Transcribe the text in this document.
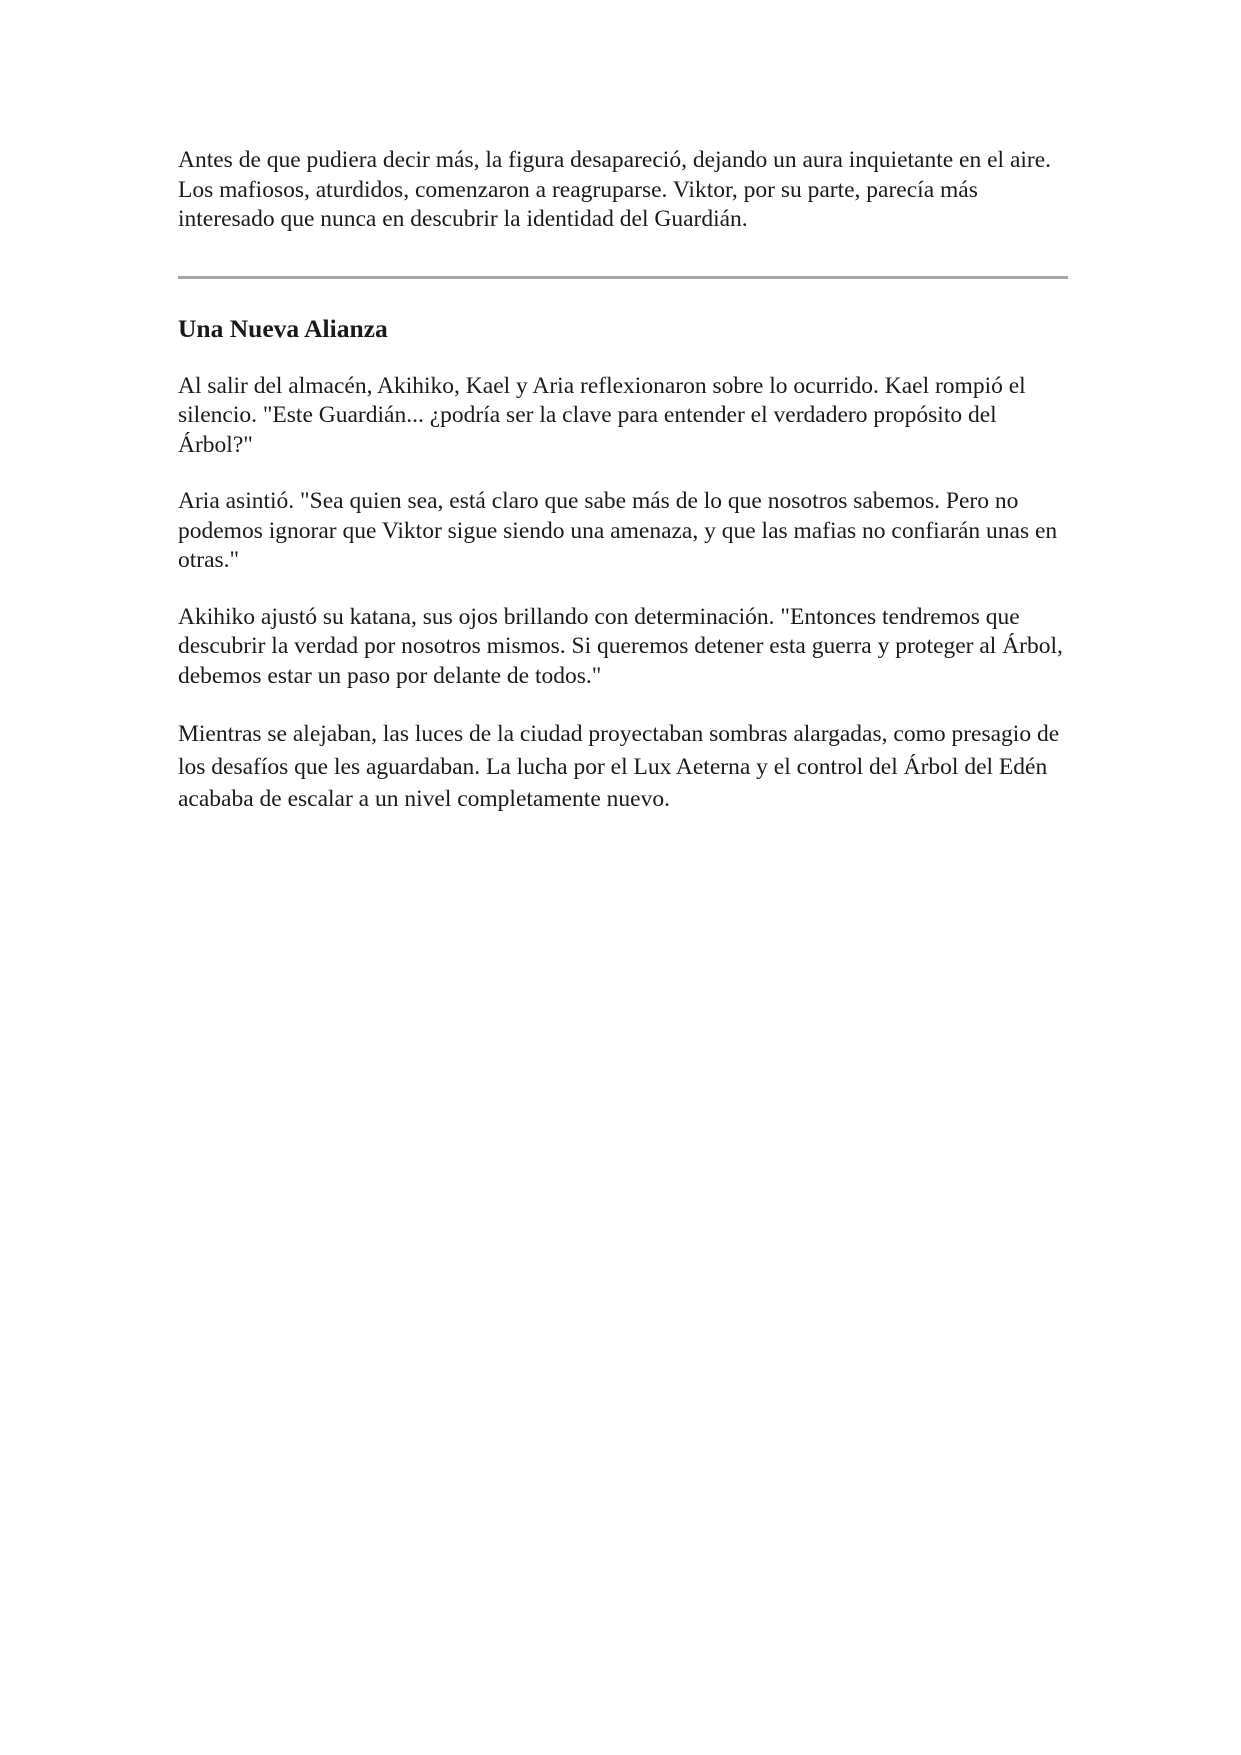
Antes de que pudiera decir más, la figura desapareció, dejando un aura inquietante en el aire. Los mafiosos, aturdidos, comenzaron a reagruparse. Viktor, por su parte, parecía más interesado que nunca en descubrir la identidad del Guardián.

Una Nueva Alianza

Al salir del almacén, Akihiko, Kael y Aria reflexionaron sobre lo ocurrido. Kael rompió el silencio. "Este Guardián... ¿podría ser la clave para entender el verdadero propósito del Árbol?"

Aria asintió. "Sea quien sea, está claro que sabe más de lo que nosotros sabemos. Pero no podemos ignorar que Viktor sigue siendo una amenaza, y que las mafias no confiarán unas en otras."

Akihiko ajustó su katana, sus ojos brillando con determinación. "Entonces tendremos que descubrir la verdad por nosotros mismos. Si queremos detener esta guerra y proteger al Árbol, debemos estar un paso por delante de todos."

Mientras se alejaban, las luces de la ciudad proyectaban sombras alargadas, como presagio de los desafíos que les aguardaban. La lucha por el Lux Aeterna y el control del Árbol del Edén acababa de escalar a un nivel completamente nuevo.
